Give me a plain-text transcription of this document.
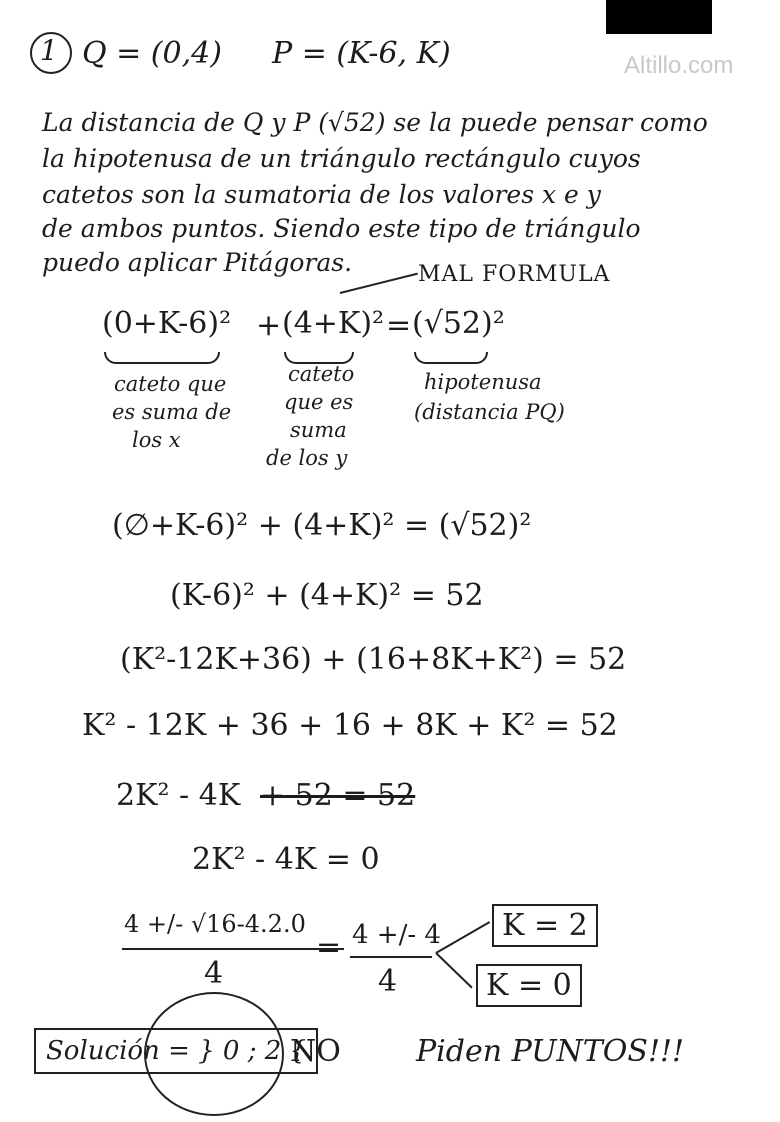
Altillo.com
1 Q = (0,4) P = (K-6, K)
La distancia de Q y P (√52) se la puede pensar como
la hipotenusa de un triángulo rectángulo cuyos
catetos son la sumatoria de los valores x e y
de ambos puntos. Siendo este tipo de triángulo
puedo aplicar Pitágoras.	MAL FORMULA
(0+K-6)² + (4+K)² = (√52)²
cateto que
es suma de
los x
cateto
que es
suma
de los y
hipotenusa
(distancia PQ)
(∅+K-6)² + (4+K)² = (√52)²
(K-6)² + (4+K)² = 52
(K²-12K+36) + (16+8K+K²) = 52
K² - 12K + 36 + 16 + 8K + K² = 52
2K² - 4K + 52 = 52
2K² - 4K = 0
4 +/- √16-4.2.0
4
= 4 +/- 4
4
K = 2
K = 0
Solución = } 0 ; 2 {
NO	Piden PUNTOS!!!
